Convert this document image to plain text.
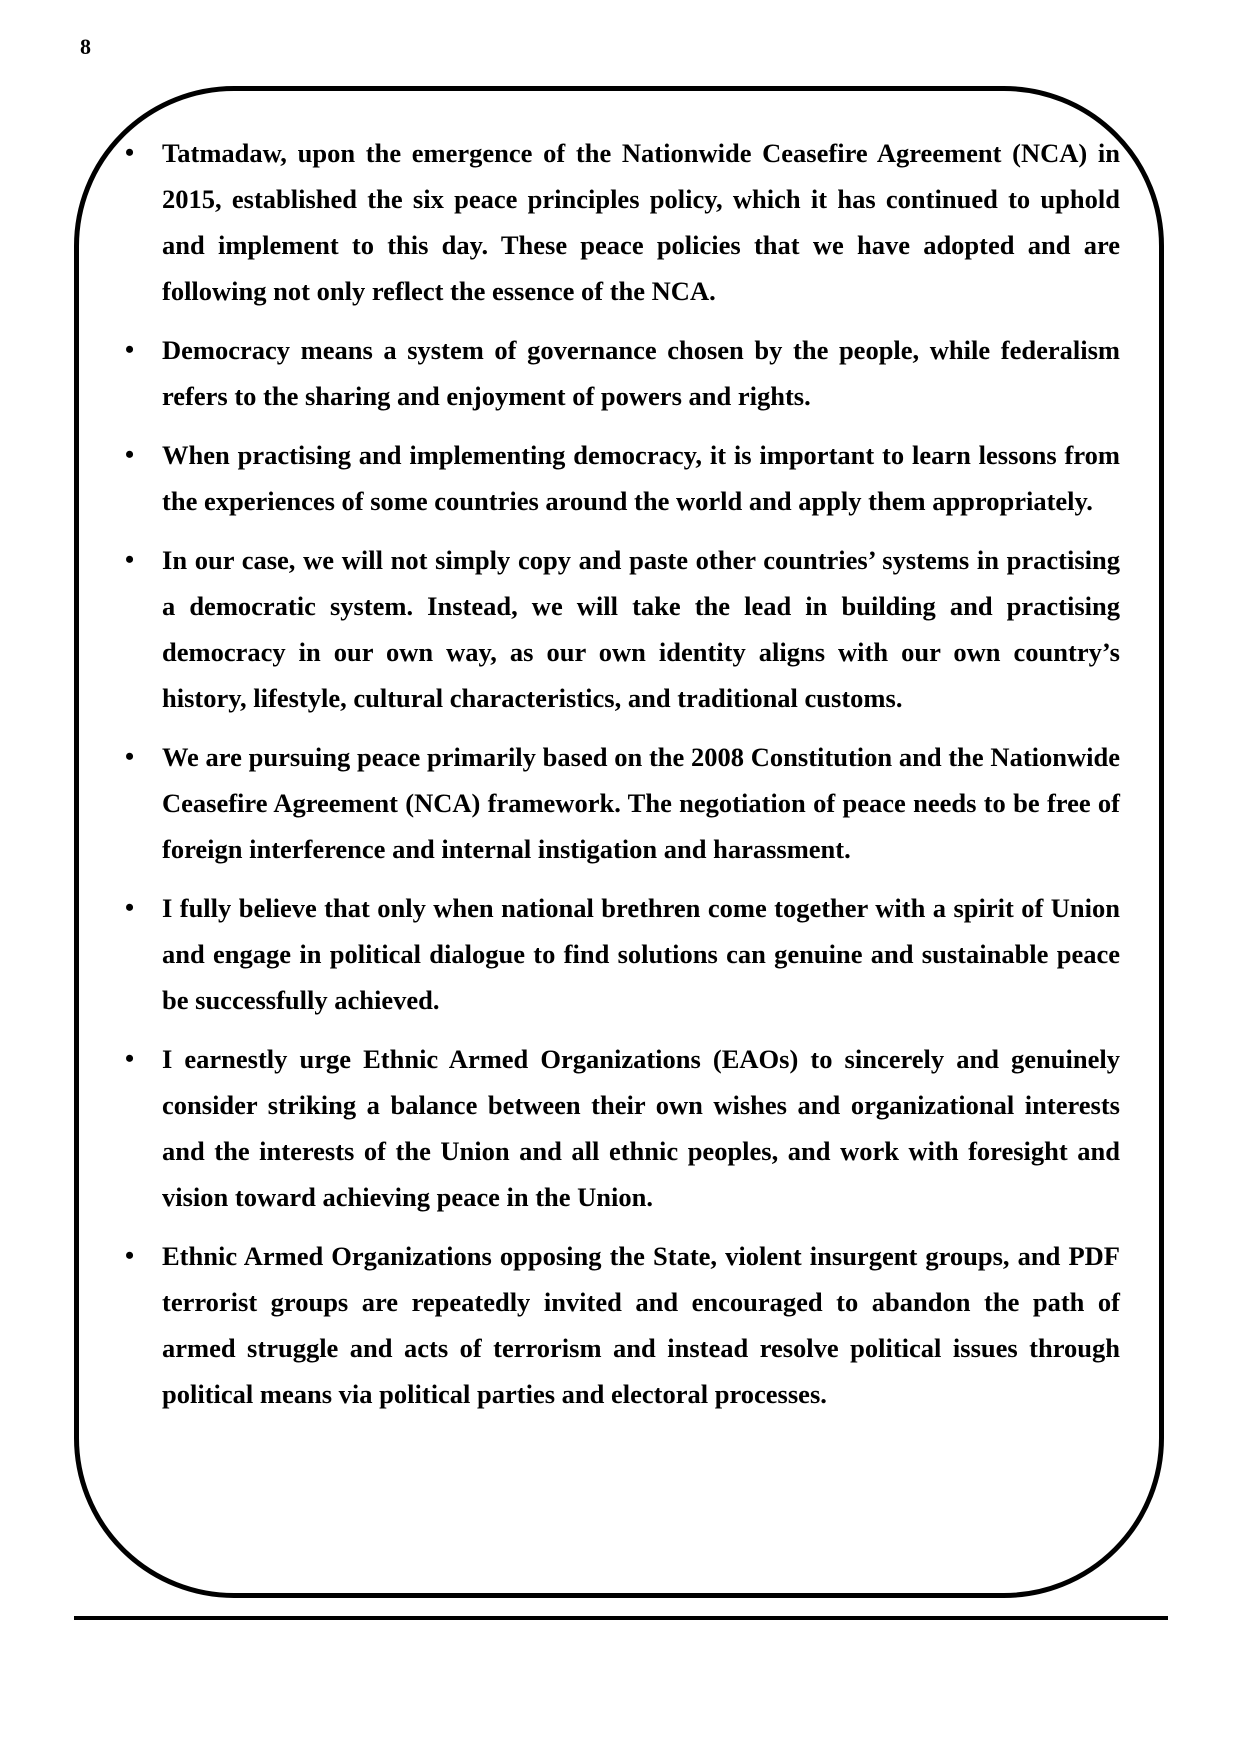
8
• Tatmadaw, upon the emergence of the Nationwide Ceasefire Agreement (NCA) in 2015, established the six peace principles policy, which it has continued to uphold and implement to this day. These peace policies that we have adopted and are following not only reflect the essence of the NCA.
• Democracy means a system of governance chosen by the people, while federalism refers to the sharing and enjoyment of powers and rights.
• When practising and implementing democracy, it is important to learn lessons from the experiences of some countries around the world and apply them appropriately.
• In our case, we will not simply copy and paste other countries’ systems in practising a democratic system. Instead, we will take the lead in building and practising democracy in our own way, as our own identity aligns with our own country’s history, lifestyle, cultural characteristics, and traditional customs.
• We are pursuing peace primarily based on the 2008 Constitution and the Nationwide Ceasefire Agreement (NCA) framework. The negotiation of peace needs to be free of foreign interference and internal instigation and harassment.
• I fully believe that only when national brethren come together with a spirit of Union and engage in political dialogue to find solutions can genuine and sustainable peace be successfully achieved.
• I earnestly urge Ethnic Armed Organizations (EAOs) to sincerely and genuinely consider striking a balance between their own wishes and organizational interests and the interests of the Union and all ethnic peoples, and work with foresight and vision toward achieving peace in the Union.
• Ethnic Armed Organizations opposing the State, violent insurgent groups, and PDF terrorist groups are repeatedly invited and encouraged to abandon the path of armed struggle and acts of terrorism and instead resolve political issues through political means via political parties and electoral processes.
